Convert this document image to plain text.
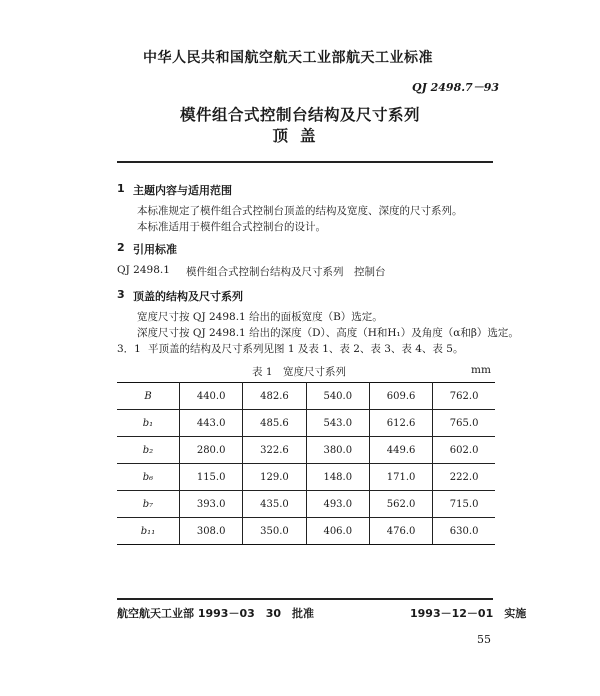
中华人民共和国航空航天工业部航天工业标准
QJ 2498.7－93
模件组合式控制台结构及尺寸系列
顶盖
1 主题内容与适用范围
本标准规定了模件组合式控制台顶盖的结构及宽度、深度的尺寸系列。
本标准适用于模件组合式控制台的设计。
2 引用标准
QJ 2498.1 模件组合式控制台结构及尺寸系列　控制台
3 顶盖的结构及尺寸系列
宽度尺寸按 QJ 2498.1 给出的面板宽度（B）选定。
深度尺寸按 QJ 2498.1 给出的深度（D）、高度（H和H₁）及角度（α和β）选定。
3．1 平顶盖的结构及尺寸系列见图 1 及表 1、表 2、表 3、表 4、表 5。
表 1　宽度尺寸系列	mm
B	440.0	482.6	540.0	609.6	762.0
b₁	443.0	485.6	543.0	612.6	765.0
b₂	280.0	322.6	380.0	449.6	602.0
b₆	115.0	129.0	148.0	171.0	222.0
b₇	393.0	435.0	493.0	562.0	715.0
b₁₁	308.0	350.0	406.0	476.0	630.0
航空航天工业部 1993－03　30　批准	1993－12－01　实施
55
